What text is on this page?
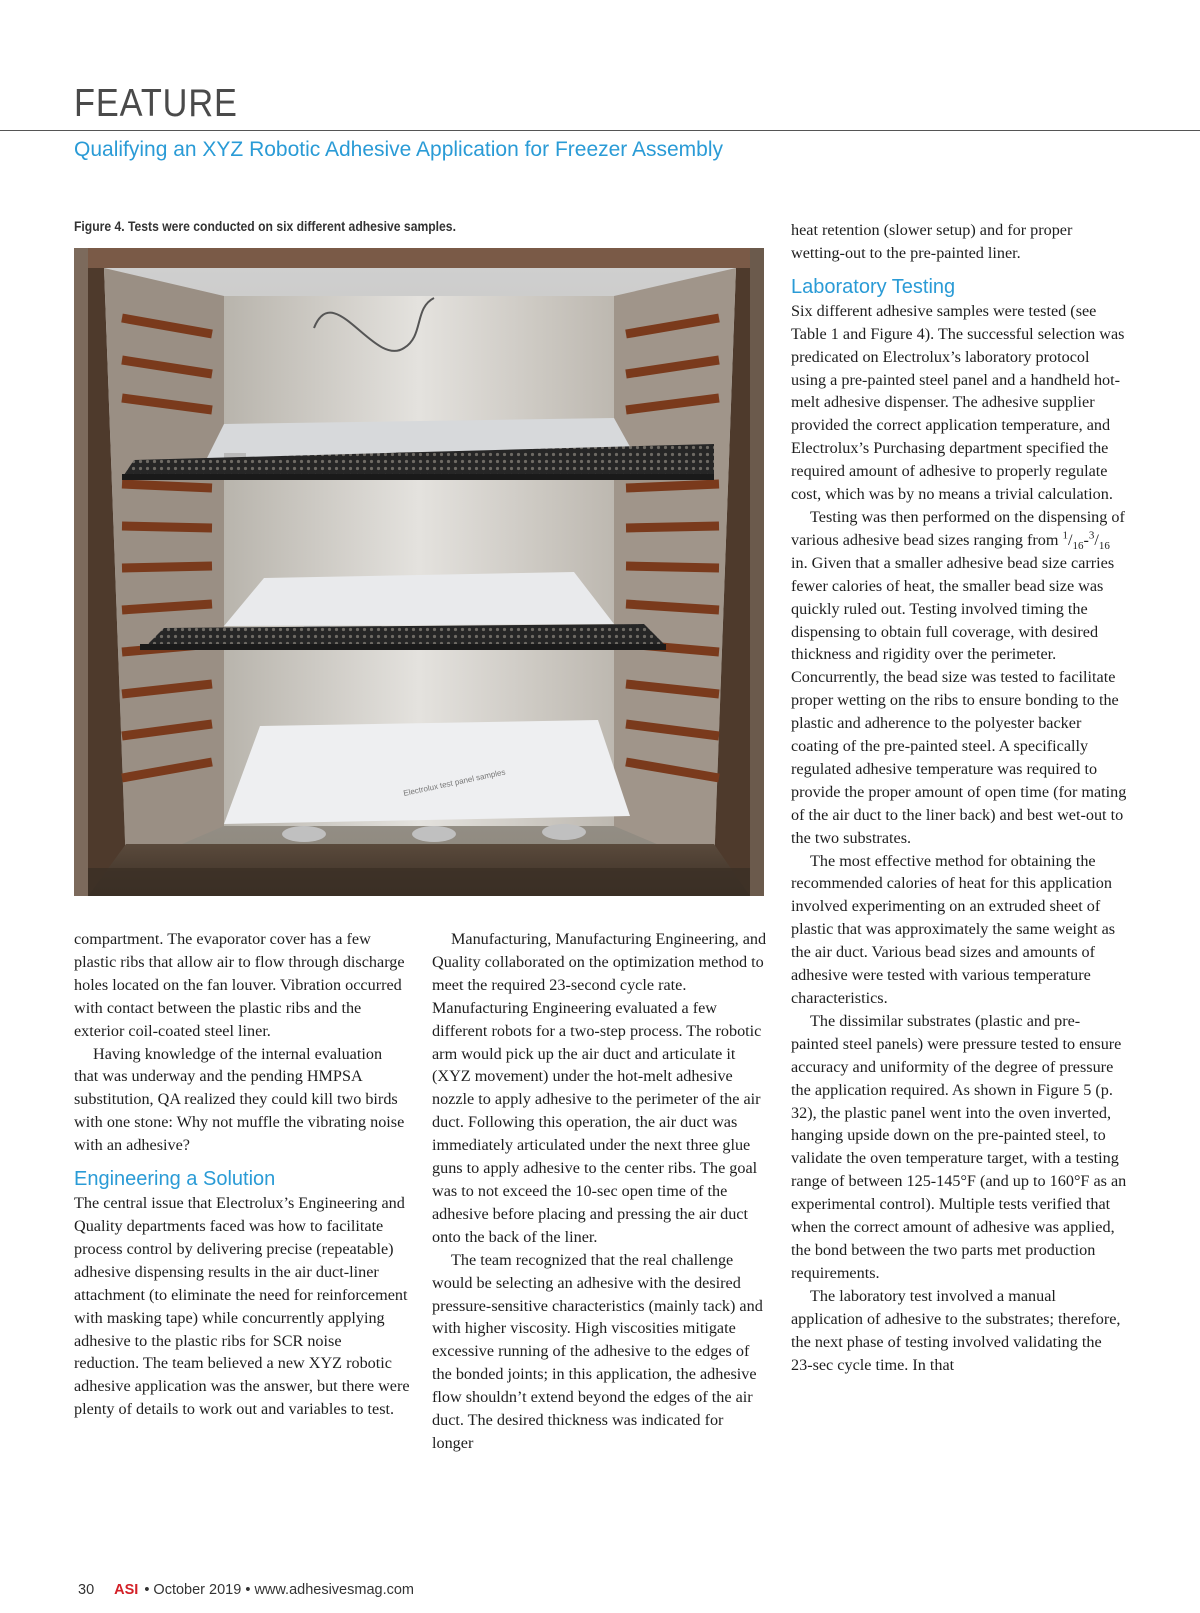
FEATURE
Qualifying an XYZ Robotic Adhesive Application for Freezer Assembly

Figure 4. Tests were conducted on six different adhesive samples.

Electrolux test panel samples

compartment. The evaporator cover has a few plastic ribs that allow air to flow through discharge holes located on the fan louver. Vibration occurred with contact between the plastic ribs and the exterior coil-coated steel liner.

Having knowledge of the internal evaluation that was underway and the pending HMPSA substitution, QA realized they could kill two birds with one stone: Why not muffle the vibrating noise with an adhesive?

Engineering a Solution

The central issue that Electrolux’s Engineering and Quality departments faced was how to facilitate process control by delivering precise (repeatable) adhesive dispensing results in the air duct-liner attachment (to eliminate the need for reinforcement with masking tape) while concurrently applying adhesive to the plastic ribs for SCR noise reduction. The team believed a new XYZ robotic adhesive application was the answer, but there were plenty of details to work out and variables to test.

Manufacturing, Manufacturing Engineering, and Quality collaborated on the optimization method to meet the required 23-second cycle rate. Manufacturing Engineering evaluated a few different robots for a two-step process. The robotic arm would pick up the air duct and articulate it (XYZ movement) under the hot-melt adhesive nozzle to apply adhesive to the perimeter of the air duct. Following this operation, the air duct was immediately articulated under the next three glue guns to apply adhesive to the center ribs. The goal was to not exceed the 10-sec open time of the adhesive before placing and pressing the air duct onto the back of the liner.

The team recognized that the real challenge would be selecting an adhesive with the desired pressure-sensitive characteristics (mainly tack) and with higher viscosity. High viscosities mitigate excessive running of the adhesive to the edges of the bonded joints; in this application, the adhesive flow shouldn’t extend beyond the edges of the air duct. The desired thickness was indicated for longer

heat retention (slower setup) and for proper wetting-out to the pre-painted liner.

Laboratory Testing

Six different adhesive samples were tested (see Table 1 and Figure 4). The successful selection was predicated on Electrolux’s laboratory protocol using a pre-painted steel panel and a handheld hot-melt adhesive dispenser. The adhesive supplier provided the correct application temperature, and Electrolux’s Purchasing department specified the required amount of adhesive to properly regulate cost, which was by no means a trivial calculation.

Testing was then performed on the dispensing of various adhesive bead sizes ranging from $^1/_{16}-^3/_{16}$ in. Given that a smaller adhesive bead size carries fewer calories of heat, the smaller bead size was quickly ruled out. Testing involved timing the dispensing to obtain full coverage, with desired thickness and rigidity over the perimeter. Concurrently, the bead size was tested to facilitate proper wetting on the ribs to ensure bonding to the plastic and adherence to the polyester backer coating of the pre-painted steel. A specifically regulated adhesive temperature was required to provide the proper amount of open time (for mating of the air duct to the liner back) and best wet-out to the two substrates.

The most effective method for obtaining the recommended calories of heat for this application involved experimenting on an extruded sheet of plastic that was approximately the same weight as the air duct. Various bead sizes and amounts of adhesive were tested with various temperature characteristics.

The dissimilar substrates (plastic and pre-painted steel panels) were pressure tested to ensure accuracy and uniformity of the degree of pressure the application required. As shown in Figure 5 (p. 32), the plastic panel went into the oven inverted, hanging upside down on the pre-painted steel, to validate the oven temperature target, with a testing range of between 125-145°F (and up to 160°F as an experimental control). Multiple tests verified that when the correct amount of adhesive was applied, the bond between the two parts met production requirements.

The laboratory test involved a manual application of adhesive to the substrates; therefore, the next phase of testing involved validating the 23-sec cycle time. In that

30 ASI • October 2019 • www.adhesivesmag.com
